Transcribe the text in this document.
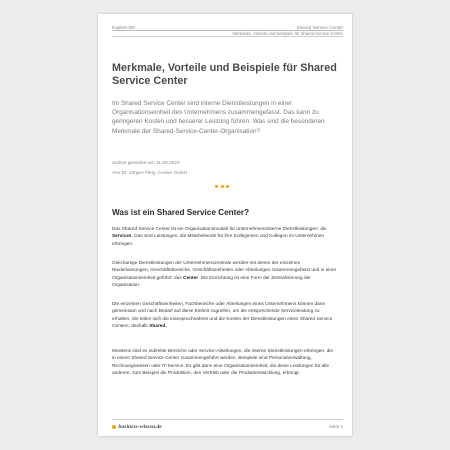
Kapitel 000	Shared Service Center
Merkmale, Vorteile und Beispiele für Shared Service Center
Merkmale, Vorteile und Beispiele für Shared Service Center
Im Shared Service Center sind interne Dienstleistungen in einer Organisationseinheit des Unternehmens zusammengefasst. Das kann zu geringeren Kosten und besserer Leistung führen. Was sind die besonderen Merkmale der Shared-Service-Center-Organisation?
Zuletzt geändert am 11.08.2023
Von Dr. Jürgen Fleig, b-wise GmbH
Was ist ein Shared Service Center?
Das Shared Service Center ist ein Organisationsmodell für unternehmensinterne Dienstleistungen: die Services. Das sind Leistungen, die Mitarbeitende für ihre Kolleginnen und Kollegen im Unternehmen erbringen.
Gleichartige Dienstleistungen der Unternehmenszentrale werden mit denen der einzelnen Niederlassungen, Geschäftsbereiche, Geschäftseinheiten oder Abteilungen zusammengefasst und in einer Organisationseinheit geführt: das Center. Die Einrichtung ist eine Form der Zentralisierung der Organisation.
Die einzelnen Geschäftseinheiten, Fachbereiche oder Abteilungen eines Unternehmens können dann gemeinsam und nach Bedarf auf diese Einheit zugreifen, um die entsprechende Serviceleistung zu erhalten. Sie teilen sich die Inanspruchnahme und die Kosten der Dienstleistungen eines Shared Service Centers; deshalb Shared.
Meistens sind es indirekte Bereiche oder Service-Abteilungen, die interne Dienstleistungen erbringen, die in einem Shared Service Center zusammengeführt werden. Beispiele sind Personalverwaltung, Rechnungswesen oder IT-Service. Es gibt dann eine Organisationseinheit, die diese Leistungen für alle anderen, zum Beispiel die Produktion, den Vertrieb oder die Produktentwicklung, erbringt.
business-wissen.de	Seite 2
